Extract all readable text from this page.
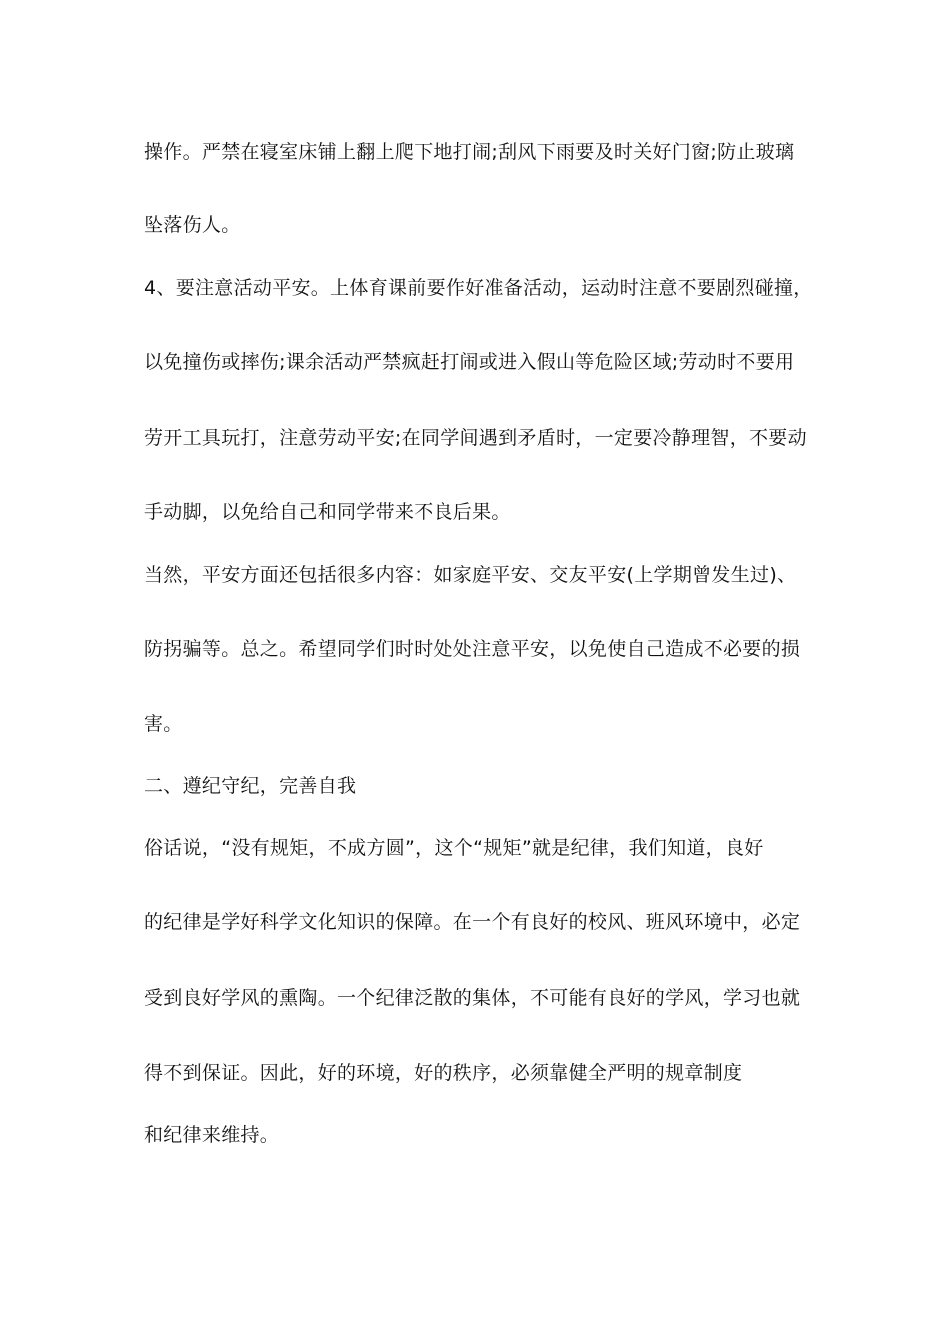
操作。严禁在寝室床铺上翻上爬下地打闹;刮风下雨要及时关好门窗;防止玻璃
坠落伤人。
4、要注意活动平安。上体育课前要作好准备活动，运动时注意不要剧烈碰撞，
以免撞伤或摔伤;课余活动严禁疯赶打闹或进入假山等危险区域;劳动时不要用
劳开工具玩打，注意劳动平安;在同学间遇到矛盾时，一定要冷静理智，不要动
手动脚，以免给自己和同学带来不良后果。
当然，平安方面还包括很多内容：如家庭平安、交友平安(上学期曾发生过)、
防拐骗等。总之。希望同学们时时处处注意平安，以免使自己造成不必要的损
害。
二、遵纪守纪，完善自我
俗话说，“没有规矩，不成方圆”，这个“规矩”就是纪律，我们知道，良好
的纪律是学好科学文化知识的保障。在一个有良好的校风、班风环境中，必定
受到良好学风的熏陶。一个纪律泛散的集体，不可能有良好的学风，学习也就
得不到保证。因此，好的环境，好的秩序，必须靠健全严明的规章制度
和纪律来维持。
